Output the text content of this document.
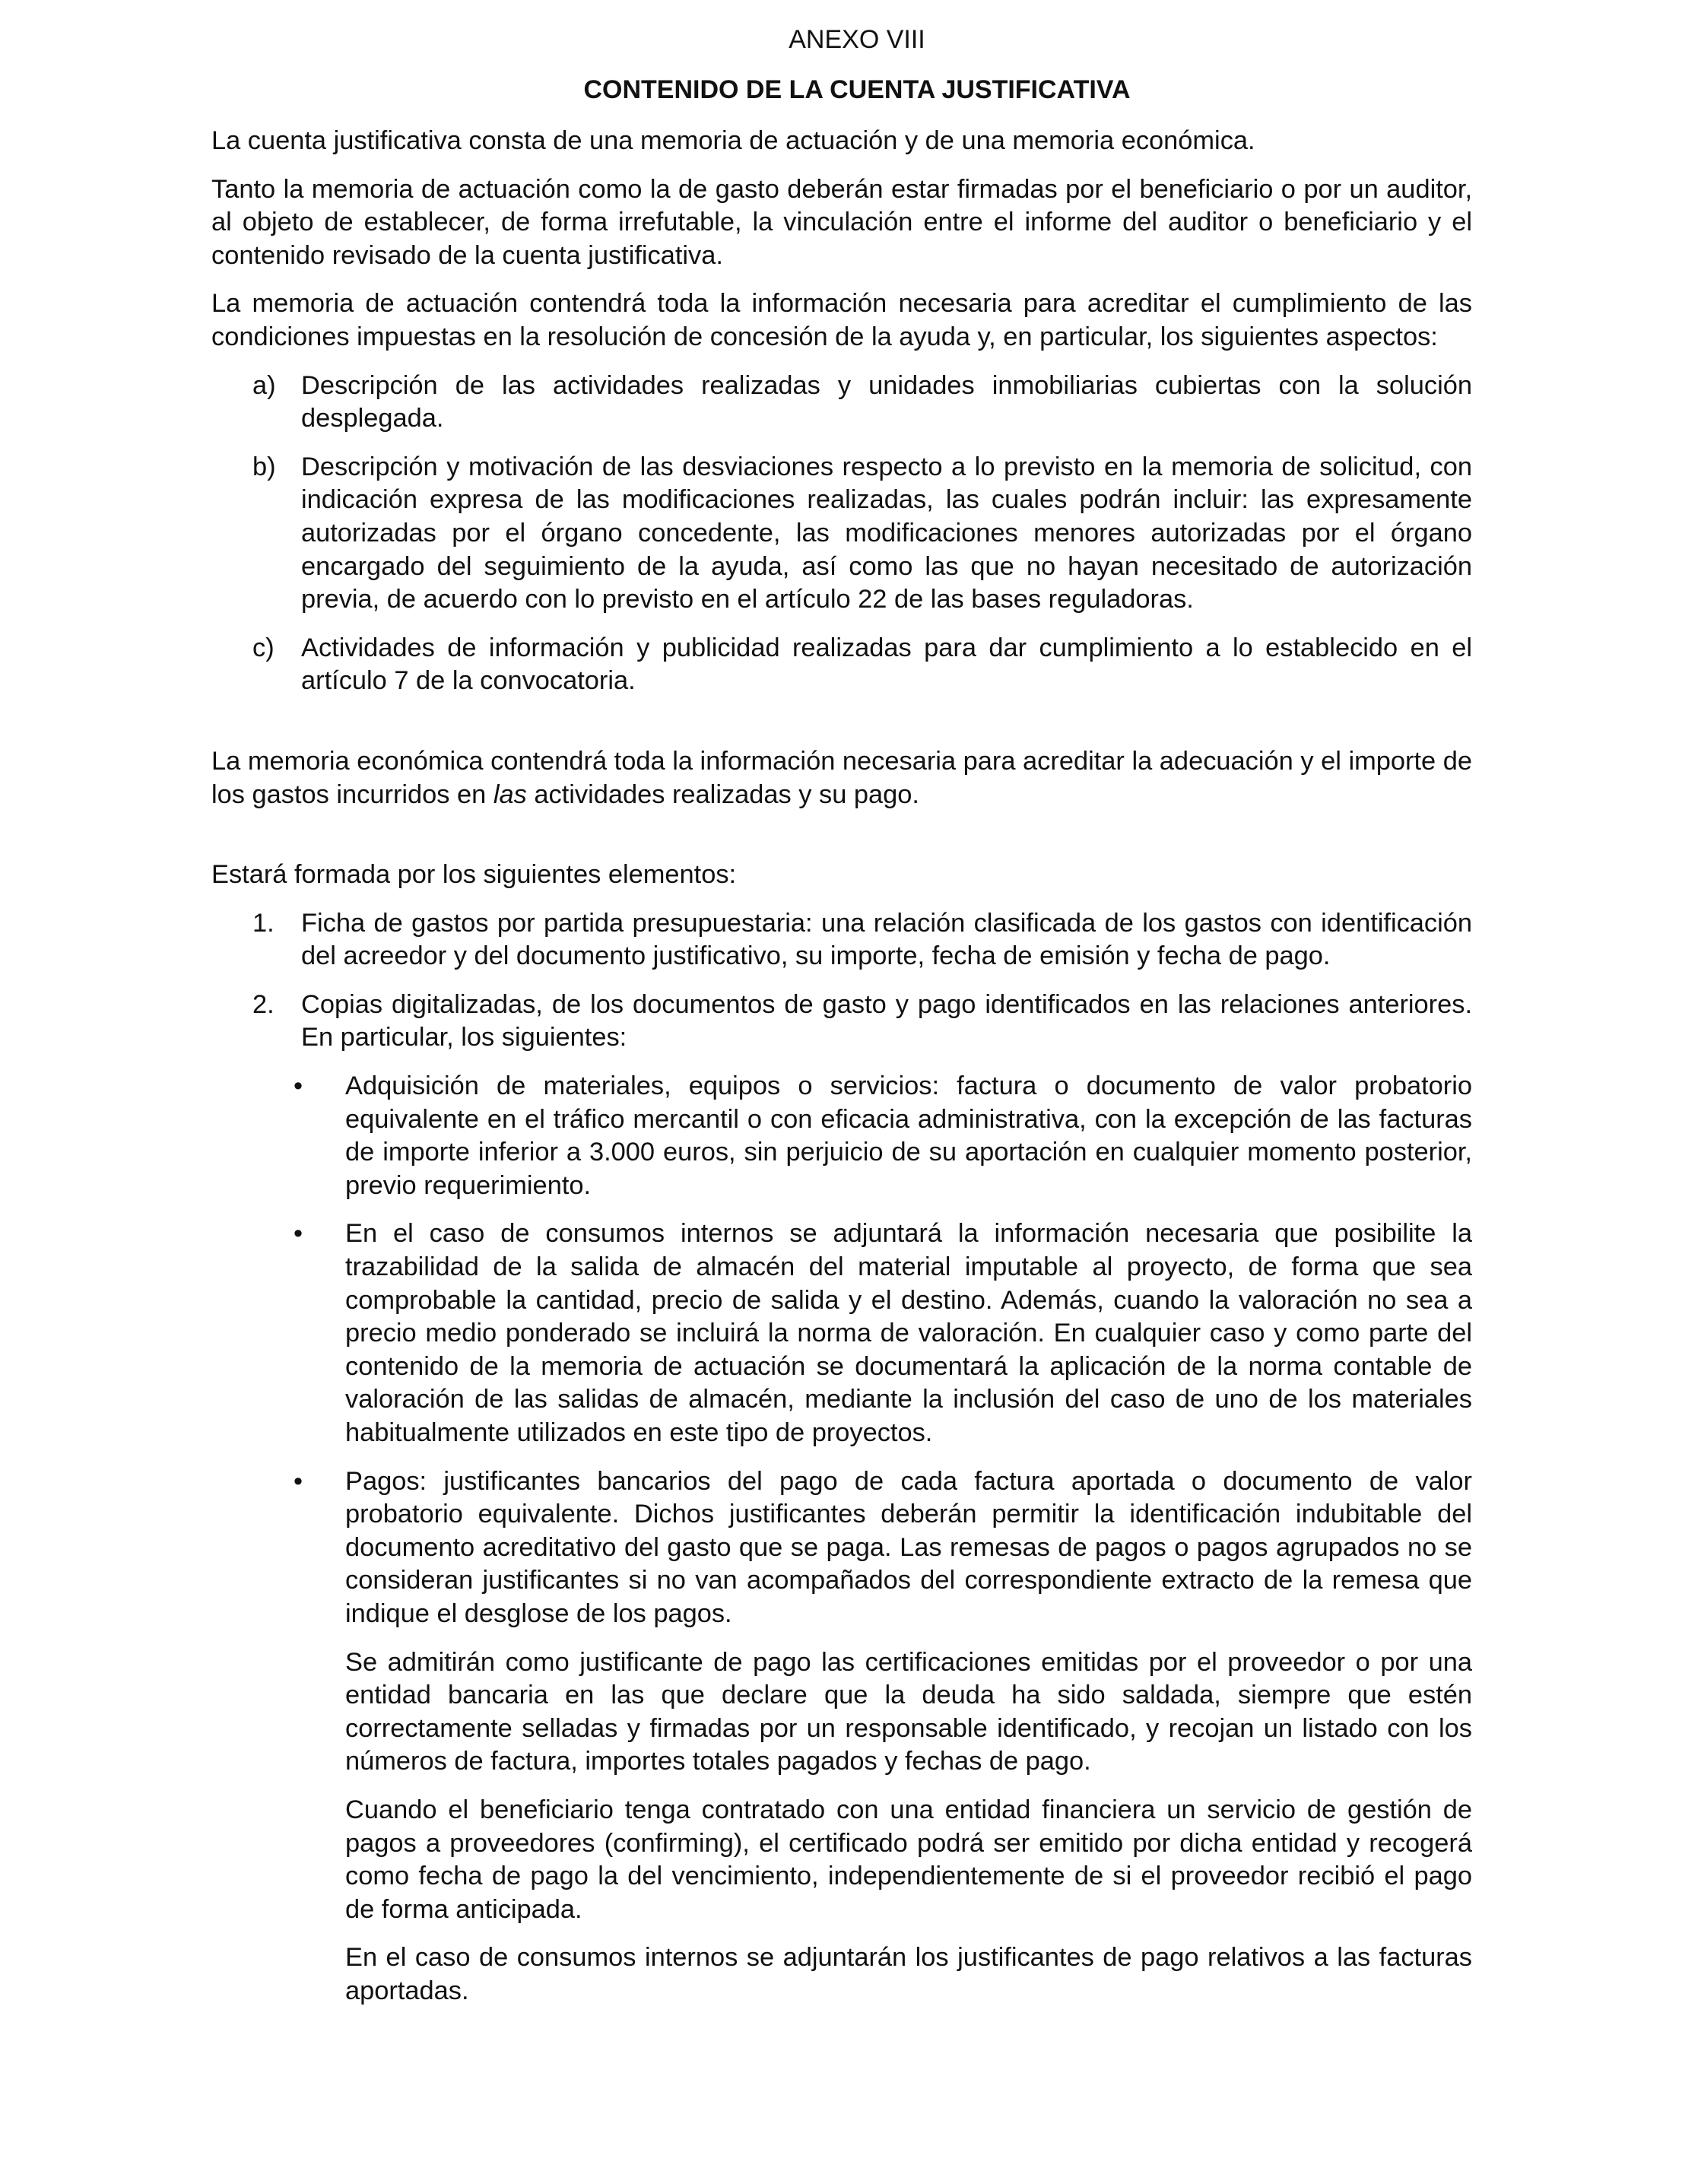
ANEXO VIII

CONTENIDO DE LA CUENTA JUSTIFICATIVA

La cuenta justificativa consta de una memoria de actuación y de una memoria económica.

Tanto la memoria de actuación como la de gasto deberán estar firmadas por el beneficiario o por un auditor, al objeto de establecer, de forma irrefutable, la vinculación entre el informe del auditor o beneficiario y el contenido revisado de la cuenta justificativa.

La memoria de actuación contendrá toda la información necesaria para acreditar el cumplimiento de las condiciones impuestas en la resolución de concesión de la ayuda y, en particular, los siguientes aspectos:

a) Descripción de las actividades realizadas y unidades inmobiliarias cubiertas con la solución desplegada.

b) Descripción y motivación de las desviaciones respecto a lo previsto en la memoria de solicitud, con indicación expresa de las modificaciones realizadas, las cuales podrán incluir: las expresamente autorizadas por el órgano concedente, las modificaciones menores autorizadas por el órgano encargado del seguimiento de la ayuda, así como las que no hayan necesitado de autorización previa, de acuerdo con lo previsto en el artículo 22 de las bases reguladoras.

c) Actividades de información y publicidad realizadas para dar cumplimiento a lo establecido en el artículo 7 de la convocatoria.

La memoria económica contendrá toda la información necesaria para acreditar la adecuación y el importe de los gastos incurridos en las actividades realizadas y su pago.

Estará formada por los siguientes elementos:

1. Ficha de gastos por partida presupuestaria: una relación clasificada de los gastos con identificación del acreedor y del documento justificativo, su importe, fecha de emisión y fecha de pago.

2. Copias digitalizadas, de los documentos de gasto y pago identificados en las relaciones anteriores. En particular, los siguientes:

• Adquisición de materiales, equipos o servicios: factura o documento de valor probatorio equivalente en el tráfico mercantil o con eficacia administrativa, con la excepción de las facturas de importe inferior a 3.000 euros, sin perjuicio de su aportación en cualquier momento posterior, previo requerimiento.

• En el caso de consumos internos se adjuntará la información necesaria que posibilite la trazabilidad de la salida de almacén del material imputable al proyecto, de forma que sea comprobable la cantidad, precio de salida y el destino. Además, cuando la valoración no sea a precio medio ponderado se incluirá la norma de valoración. En cualquier caso y como parte del contenido de la memoria de actuación se documentará la aplicación de la norma contable de valoración de las salidas de almacén, mediante la inclusión del caso de uno de los materiales habitualmente utilizados en este tipo de proyectos.

• Pagos: justificantes bancarios del pago de cada factura aportada o documento de valor probatorio equivalente. Dichos justificantes deberán permitir la identificación indubitable del documento acreditativo del gasto que se paga. Las remesas de pagos o pagos agrupados no se consideran justificantes si no van acompañados del correspondiente extracto de la remesa que indique el desglose de los pagos.

Se admitirán como justificante de pago las certificaciones emitidas por el proveedor o por una entidad bancaria en las que declare que la deuda ha sido saldada, siempre que estén correctamente selladas y firmadas por un responsable identificado, y recojan un listado con los números de factura, importes totales pagados y fechas de pago.

Cuando el beneficiario tenga contratado con una entidad financiera un servicio de gestión de pagos a proveedores (confirming), el certificado podrá ser emitido por dicha entidad y recogerá como fecha de pago la del vencimiento, independientemente de si el proveedor recibió el pago de forma anticipada.

En el caso de consumos internos se adjuntarán los justificantes de pago relativos a las facturas aportadas.
